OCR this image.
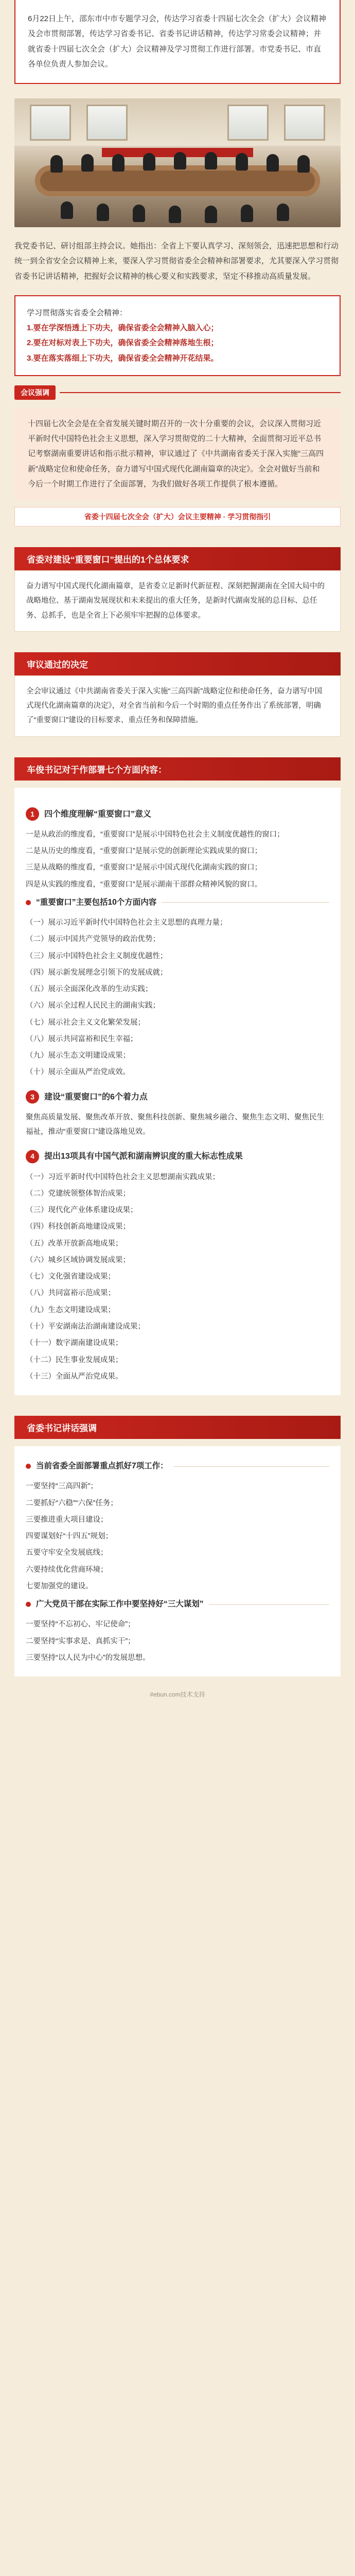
6月22日上午，邵东市中市专题学习会，传达学习省委十四届七次全会（扩大）会议精神及会市贯彻部署，传达学习省委书记、省委书记讲话精神，传达学习常委会议精神；并就省委十四届七次全会（扩大）会议精神及学习贯彻工作进行部署。市党委书记、市直各单位负责人参加会议。

我党委书记、研讨组部主持会议。她指出：全省上下要认真学习、深刻领会，迅速把思想和行动统一到全省安全会议精神上来，要深入学习贯彻省委全会精神和部署要求，尤其要深入学习贯彻省委书记讲话精神，把握好会议精神的核心要义和实践要求，坚定不移推动高质量发展。

学习贯彻落实省委全会精神：

1.要在学深悟透上下功夫，确保省委全会精神入脑入心；

2.要在对标对表上下功夫，确保省委全会精神落地生根；

3.要在落实落细上下功夫，确保省委全会精神开花结果。

会议强调

十四届七次全会是在全省发展关键时期召开的一次十分重要的会议，会议深入贯彻习近平新时代中国特色社会主义思想，深入学习贯彻党的二十大精神，全面贯彻习近平总书记考察湖南重要讲话和指示批示精神，审议通过了《中共湖南省委关于深入实施“三高四新”战略定位和使命任务，奋力谱写中国式现代化湖南篇章的决定》。全会对做好当前和今后一个时期工作进行了全面部署，为我们做好各项工作提供了根本遵循。

省委十四届七次全会（扩大）会议主要精神 · 学习贯彻指引
省委对建设“重要窗口”提出的1个总体要求
奋力谱写中国式现代化湖南篇章，是省委立足新时代新征程、深刻把握湖南在全国大局中的战略地位、基于湖南发展现状和未来提出的重大任务，是新时代湖南发展的总目标、总任务、总抓手，也是全省上下必须牢牢把握的总体要求。
审议通过的决定
全会审议通过《中共湖南省委关于深入实施“三高四新”战略定位和使命任务，奋力谱写中国式现代化湖南篇章的决定》，对全省当前和今后一个时期的重点任务作出了系统部署，明确了“重要窗口”建设的目标要求、重点任务和保障措施。
车俊书记对于作部署七个方面内容：
1	四个维度理解“重要窗口”意义

一是从政治的维度看，“重要窗口”是展示中国特色社会主义制度优越性的窗口；

二是从历史的维度看，“重要窗口”是展示党的创新理论实践成果的窗口；

三是从战略的维度看，“重要窗口”是展示中国式现代化湖南实践的窗口；

四是从实践的维度看，“重要窗口”是展示湖南干部群众精神风貌的窗口。

“重要窗口”主要包括10个方面内容

（一）展示习近平新时代中国特色社会主义思想的真理力量；

（二）展示中国共产党领导的政治优势；

（三）展示中国特色社会主义制度优越性；

（四）展示新发展理念引领下的发展成就；

（五）展示全面深化改革的生动实践；

（六）展示全过程人民民主的湖南实践；

（七）展示社会主义文化繁荣发展；

（八）展示共同富裕和民生幸福；

（九）展示生态文明建设成果；

（十）展示全面从严治党成效。

3	建设“重要窗口”的6个着力点

聚焦高质量发展、聚焦改革开放、聚焦科技创新、聚焦城乡融合、聚焦生态文明、聚焦民生福祉，推动“重要窗口”建设落地见效。

4	提出13项具有中国气派和湖南辨识度的重大标志性成果

（一）习近平新时代中国特色社会主义思想湖南实践成果；

（二）党建统领整体智治成果；

（三）现代化产业体系建设成果；

（四）科技创新高地建设成果；

（五）改革开放新高地成果；

（六）城乡区域协调发展成果；

（七）文化强省建设成果；

（八）共同富裕示范成果；

（九）生态文明建设成果；

（十）平安湖南法治湖南建设成果；

（十一）数字湖南建设成果；

（十二）民生事业发展成果；

（十三）全面从严治党成果。

省委书记讲话强调
当前省委全面部署重点抓好7项工作：

一要坚持“三高四新”；

二要抓好“六稳”“六保”任务；

三要推进重大项目建设；

四要谋划好“十四五”规划；

五要守牢安全发展底线；

六要持续优化营商环境；

七要加强党的建设。

广大党员干部在实际工作中要坚持好“三大谋划”

一要坚持“不忘初心、牢记使命”；

二要坚持“实事求是、真抓实干”；

三要坚持“以人民为中心”的发展思想。

#ebun.com技术支持
